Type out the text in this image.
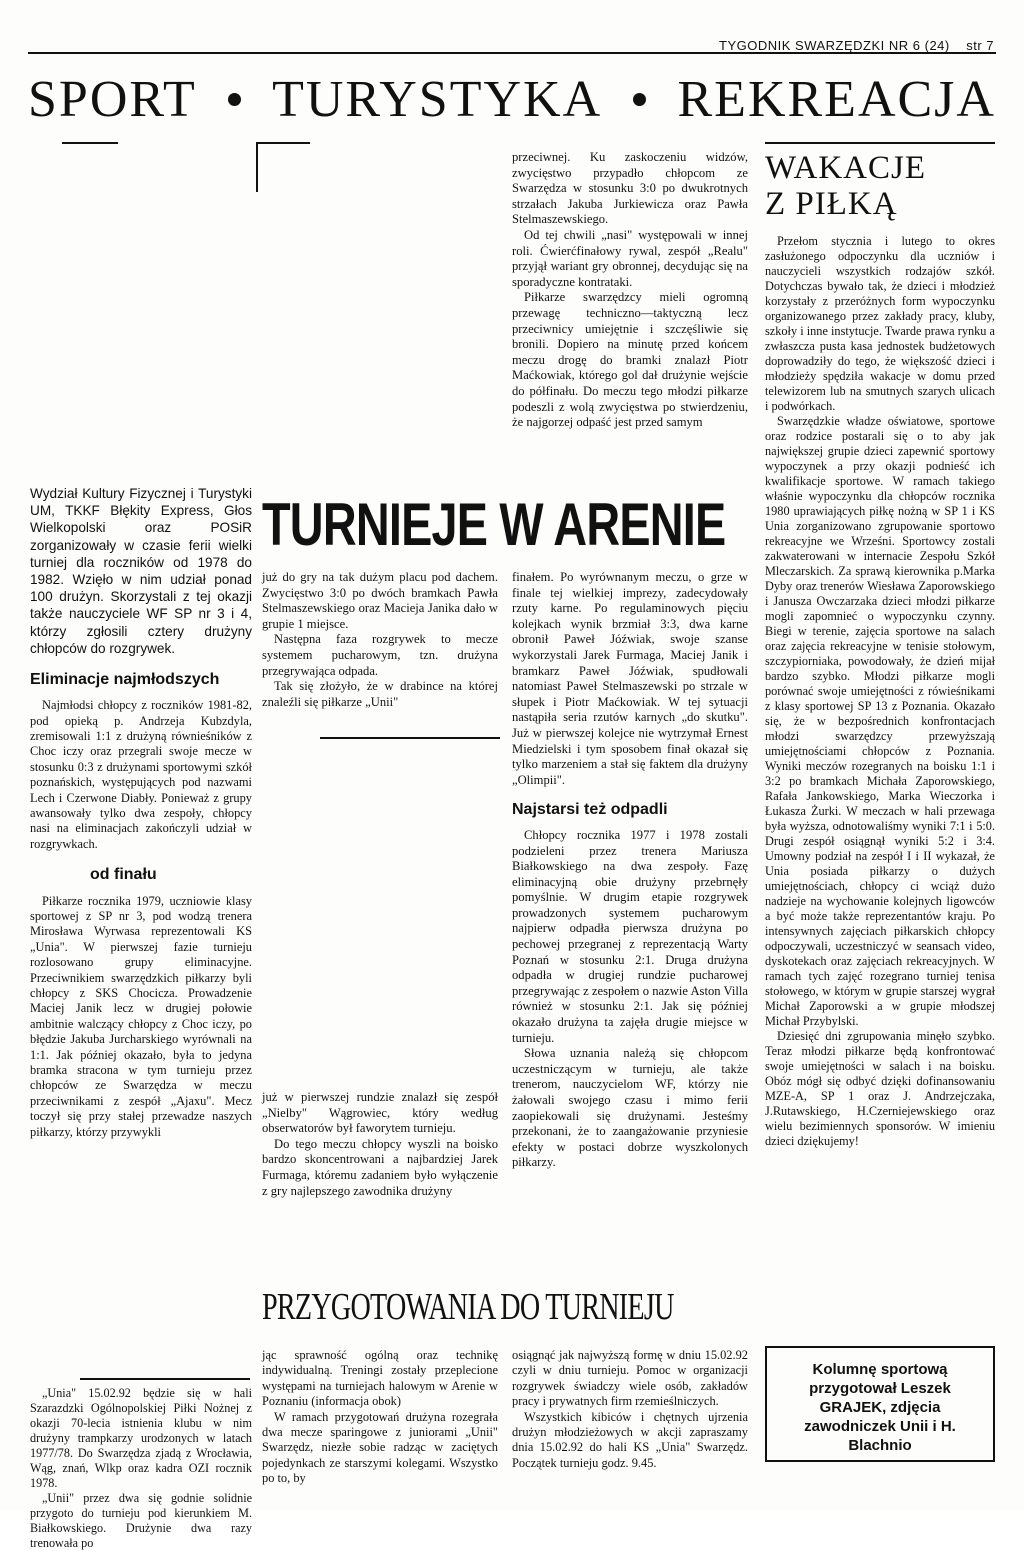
TYGODNIK SWARZĘDZKI NR 6 (24) str 7
SPORT TURYSTYKA REKREACJA

Wydział Kultury Fizycznej i Turystyki UM, TKKF Błękity Express, Głos Wielkopolski oraz POSiR zorganizowały w czasie ferii wielki turniej dla roczników od 1978 do 1982. Wzięło w nim udział ponad 100 drużyn. Skorzystali z tej okazji także nauczyciele WF SP nr 3 i 4, którzy zgłosili cztery drużyny chłopców do rozgrywek.

Eliminacje najmłodszych

Najmłodsi chłopcy z roczników 1981-82, pod opieką p. Andrzeja Kubzdyla, zremisowali 1:1 z drużyną równieśników z Choc iczy oraz przegrali swoje mecze w stosunku 0:3 z drużynami sportowymi szkół poznańskich, występujących pod nazwami Lech i Czerwone Diabły. Ponieważ z grupy awansowały tylko dwa zespoły, chłopcy nasi na eliminacjach zakończyli udział w rozgrywkach.

od finału

Piłkarze rocznika 1979, uczniowie klasy sportowej z SP nr 3, pod wodzą trenera Mirosława Wyrwasa reprezentowali KS „Unia". W pierwszej fazie turnieju rozlosowano grupy eliminacyjne. Przeciwnikiem swarzędzkich piłkarzy byli chłopcy z SKS Chociczа. Prowadzenie Maciej Janik lecz w drugiej połowie ambitnie walczący chłopcy z Choc iczy, po błędzie Jakuba Jurcharskiego wyrównali na 1:1. Jak później okazało, była to jedyna bramka stracona w tym turnieju przez chłopców ze Swarzędza w meczu przeciwnikami z zespół „Ajaxu". Mecz toczył się przy stałej przewadze naszych piłkarzy, którzy przywykli

„Unia" 15.02.92 będzie się w hali Szarazdzki Ogólnopolskiej Piłki Nożnej z okazji 70-lecia istnienia klubu w nim drużyny trampkarzy urodzonych w latach 1977/78. Do Swarzędza zjadą z Wrocławia, Wąg, znań, Wlkp oraz kadra OZI rocznik 1978.

„Unii" przez dwa się godnie solidnie przygoto do turnieju pod kierunkiem M. Białkowskiego. Drużynie dwa razy trenowała po

przeciwnej. Ku zaskoczeniu widzów, zwycięstwo przypadło chłopcom ze Swarzędza w stosunku 3:0 po dwukrotnych strzałach Jakuba Jurkiewicza oraz Pawła Stelmaszewskiego.

Od tej chwili „nasi" występowali w innej roli. Ćwierćfinałowy rywal, zespół „Realu" przyjął wariant gry obronnej, decydując się na sporadyczne kontrataki.

Piłkarze swarzędzcy mieli ogromną przewagę techniczno—taktyczną lecz przeciwnicy umiejętnie i szczęśliwie się bronili. Dopiero na minutę przed końcem meczu drogę do bramki znalazł Piotr Maćkowiak, którego gol dał drużynie wejście do półfinału. Do meczu tego młodzi piłkarze podeszli z wolą zwycięstwa po stwierdzeniu, że najgorzej odpaść jest przed samym

TURNIEJE W ARENIE

już do gry na tak dużym placu pod dachem. Zwycięstwo 3:0 po dwóch bramkach Pawła Stelmaszewskiego oraz Macieja Janika dało w grupie 1 miejsce.

Następna faza rozgrywek to mecze systemem pucharowym, tzn. drużyna przegrywająca odpada.

Tak się złożyło, że w drabince na której znaleźli się piłkarze „Unii"

już w pierwszej rundzie znalazł się zespół „Nielby" Wągrowiec, który według obserwatorów był faworytem turnieju.

Do tego meczu chłopcy wyszli na boisko bardzo skoncentrowani a najbardziej Jarek Furmaga, któremu zadaniem było wyłączenie z gry najlepszego zawodnika drużyny

finałem. Po wyrównanym meczu, o grze w finale tej wielkiej imprezy, zadecydowały rzuty karne. Po regulaminowych pięciu kolejkach wynik brzmiał 3:3, dwa karne obronił Paweł Jóźwiak, swoje szanse wykorzystali Jarek Furmaga, Maciej Janik i bramkarz Paweł Jóźwiak, spudłowali natomiast Paweł Stelmaszewski po strzale w słupek i Piotr Maćkowiak. W tej sytuacji nastąpiła seria rzutów karnych „do skutku". Już w pierwszej kolejce nie wytrzymał Ernest Miedzielski i tym sposobem finał okazał się tylko marzeniem a stał się faktem dla drużyny „Olimpii".

Najstarsi też odpadli

Chłopcy rocznika 1977 i 1978 zostali podzieleni przez trenera Mariusza Białkowskiego na dwa zespoły. Fazę eliminacyjną obie drużyny przebrnęły pomyślnie. W drugim etapie rozgrywek prowadzonych systemem pucharowym najpierw odpadła pierwsza drużyna po pechowej przegranej z reprezentacją Warty Poznań w stosunku 2:1. Druga drużyna odpadła w drugiej rundzie pucharowej przegrywając z zespołem o nazwie Aston Villa również w stosunku 2:1. Jak się później okazało drużyna ta zajęła drugie miejsce w turnieju.

Słowa uznania należą się chłopcom uczestniczącym w turnieju, ale także trenerom, nauczycielom WF, którzy nie żałowali swojego czasu i mimo ferii zaopiekowali się drużynami. Jesteśmy przekonani, że to zaangażowanie przyniesie efekty w postaci dobrze wyszkolonych piłkarzy.

PRZYGOTOWANIA DO TURNIEJU

jąc sprawność ogólną oraz technikę indywidualną. Treningi zostały przeplecione występami na turniejach halowym w Arenie w Poznaniu (informacja obok)

W ramach przygotowań drużyna rozegrała dwa mecze sparingowe z juniorami „Unii" Swarzędz, niezłe sobie radząc w zaciętych pojedynkach ze starszymi kolegami. Wszystko po to, by

osiągnąć jak najwyższą formę w dniu 15.02.92 czyli w dniu turnieju. Pomoc w organizacji rozgrywek świadczy wiele osób, zakładów pracy i prywatnych firm rzemieślniczych.

Wszystkich kibiców i chętnych ujrzenia drużyn młodzieżowych w akcji zapraszamy dnia 15.02.92 do hali KS „Unia" Swarzędz. Początek turnieju godz. 9.45.

WAKACJE
Z PIŁKĄ

Przełom stycznia i lutego to okres zasłużonego odpoczynku dla uczniów i nauczycieli wszystkich rodzajów szkół. Dotychczas bywało tak, że dzieci i młodzież korzystały z przeróżnych form wypoczynku organizowanego przez zakłady pracy, kluby, szkoły i inne instytucje. Twarde prawa rynku a zwłaszcza pusta kasa jednostek budżetowych doprowadziły do tego, że większość dzieci i młodzieży spędziła wakacje w domu przed telewizorem lub na smutnych szarych ulicach i podwórkach.

Swarzędzkie władze oświatowe, sportowe oraz rodzice postarali się o to aby jak największej grupie dzieci zapewnić sportowy wypoczynek a przy okazji podnieść ich kwalifikacje sportowe. W ramach takiego właśnie wypoczynku dla chłopców rocznika 1980 uprawiających piłkę nożną w SP 1 i KS Unia zorganizowano zgrupowanie sportowo rekreacyjne we Wrześni. Sportowcy zostali zakwaterowani w internacie Zespołu Szkół Mleczarskich. Za sprawą kierownika p.Marka Dyby oraz trenerów Wiesława Zaporowskiego i Janusza Owczarzaka dzieci młodzi piłkarze mogli zapomnieć o wypoczynku czynny. Biegi w terenie, zajęcia sportowe na salach oraz zajęcia rekreacyjne w tenisie stołowym, szczypiorniaka, powodowały, że dzień mijał bardzo szybko. Młodzi piłkarze mogli porównać swoje umiejętności z rówieśnikami z klasy sportowej SP 13 z Poznania. Okazało się, że w bezpośrednich konfrontacjach młodzi swarzędzcy przewyższają umiejętnościami chłopców z Poznania. Wyniki meczów rozegranych na boisku 1:1 i 3:2 po bramkach Michała Zaporowskiego, Rafała Jankowskiego, Marka Wieczorka i Łukasza Żurki. W meczach w hali przewaga była wyższa, odnotowaliśmy wyniki 7:1 i 5:0. Drugi zespół osiągnął wyniki 5:2 i 3:4. Umowny podział na zespół I i II wykazał, że Unia posiada piłkarzy o dużych umiejętnościach, chłopcy ci wciąż dużo nadzieje na wychowanie kolejnych ligowców a być może także reprezentantów kraju. Po intensywnych zajęciach piłkarskich chłopcy odpoczywali, uczestniczyć w seansach video, dyskotekach oraz zajęciach rekreacyjnych. W ramach tych zajęć rozegrano turniej tenisa stołowego, w którym w grupie starszej wygrał Michał Zaporowski a w grupie młodszej Michał Przybylski.

Dziesięć dni zgrupowania minęło szybko. Teraz młodzi piłkarze będą konfrontować swoje umiejętności w salach i na boisku. Obóz mógł się odbyć dzięki dofinansowaniu MZE-A, SP 1 oraz J. Andrzejczaka, J.Rutawskiego, H.Czerniejewskiego oraz wielu bezimiennych sponsorów. W imieniu dzieci dziękujemy!

Kolumnę sportową przygotował Leszek GRAJEK, zdjęcia zawodniczek Unii i H. Blachnio
